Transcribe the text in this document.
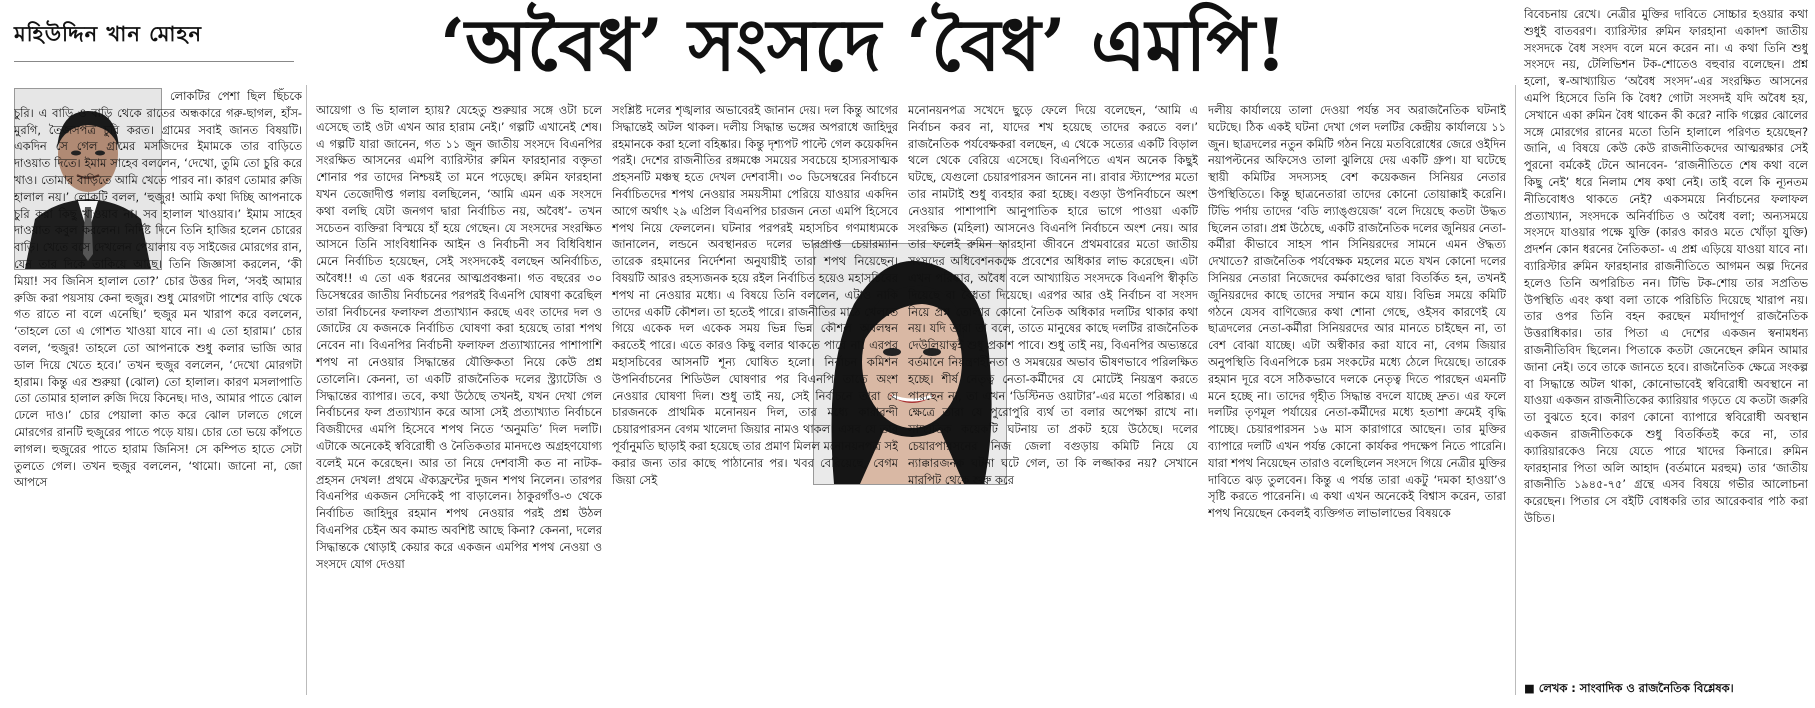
মহিউদ্দিন খান মোহন	‘অবৈধ’ সংসদে ‘বৈধ’ এমপি!
লোকটির পেশা ছিল ছিঁচকে চুরি। এ বাড়ি ও বাড়ি থেকে রাতের অন্ধকারে গরু-ছাগল, হাঁস-মুরগি, তৈজসপত্র চুরি করত। গ্রামের সবাই জানত বিষয়টি। একদিন সে গেল গ্রামের মসজিদের ইমামকে তার বাড়িতে দাওয়াত দিতে। ইমাম সাহেব বললেন, ‘দেখো, তুমি তো চুরি করে খাও। তোমার বাড়িতে আমি খেতে পারব না। কারণ তোমার রুজি হালাল নয়।’ লোকটি বলল, ‘হুজুর! আমি কথা দিচ্ছি আপনাকে চুরি করা কিছু খাওয়াব না। সব হালাল খাওয়াব।’ ইমাম সাহেব দাওয়াত কবুল করলেন। নির্দিষ্ট দিনে তিনি হাজির হলেন চোরের বাড়ি। খেতে বসে দেখলেন পেয়ালায় বড় সাইজের মোরগের রান, যেন তার দিকে তাকিয়ে আছে। তিনি জিজ্ঞাসা করলেন, ‘কী মিয়া! সব জিনিস হালাল তো?’ চোর উত্তর দিল, ‘সবই আমার রুজি করা পয়সায় কেনা হুজুর। শুধু মোরগটা পাশের বাড়ি থেকে গত রাতে না বলে এনেছি।’ হুজুর মন খারাপ করে বললেন, ‘তাহলে তো এ গোশত খাওয়া যাবে না। এ তো হারাম।’ চোর বলল, ‘হুজুর! তাহলে তো আপনাকে শুধু কলার ভাজি আর ডাল দিয়ে খেতে হবে।’ তখন হুজুর বললেন, ‘দেখো মোরগটা হারাম। কিন্তু এর শুরুয়া (ঝোল) তো হালাল। কারণ মসলাপাতি তো তোমার হালাল রুজি দিয়ে কিনেছ। দাও, আমার পাতে ঝোল ঢেলে দাও।’ চোর পেয়ালা কাত করে ঝোল ঢালতে গেলে মোরগের রানটি হুজুরের পাতে পড়ে যায়। চোর তো ভয়ে কাঁপতে লাগল। হুজুরের পাতে হারাম জিনিস! সে কম্পিত হাতে সেটা তুলতে গেল। তখন হুজুর বললেন, ‘থামো। জানো না, জো আপসে
আয়েগা ও ভি হালাল হ্যায়? যেহেতু শুরুয়ার সঙ্গে ওটা চলে এসেছে তাই ওটা এখন আর হারাম নেই।’ গল্পটি এখানেই শেষ। এ গল্পটি যারা জানেন, গত ১১ জুন জাতীয় সংসদে বিএনপির সংরক্ষিত আসনের এমপি ব্যারিস্টার রুমিন ফারহানার বক্তৃতা শোনার পর তাদের নিশ্চয়ই তা মনে পড়েছে। রুমিন ফারহানা যখন তেজোদীপ্ত গলায় বলছিলেন, ‘আমি এমন এক সংসদে কথা বলছি যেটা জনগণ দ্বারা নির্বাচিত নয়, অবৈধ’- তখন সচেতন ব্যক্তিরা বিস্ময়ে হাঁ হয়ে গেছেন। যে সংসদের সংরক্ষিত আসনে তিনি সাংবিধানিক আইন ও নির্বাচনী সব বিধিবিধান মেনে নির্বাচিত হয়েছেন, সেই সংসদকেই বলছেন অনির্বাচিত, অবৈধ!! এ তো এক ধরনের আত্মপ্রবঞ্চনা। গত বছরের ৩০ ডিসেম্বরের জাতীয় নির্বাচনের পরপরই বিএনপি ঘোষণা করেছিল তারা নির্বাচনের ফলাফল প্রত্যাখ্যান করছে এবং তাদের দল ও জোটের যে কজনকে নির্বাচিত ঘোষণা করা হয়েছে তারা শপথ নেবেন না। বিএনপির নির্বাচনী ফলাফল প্রত্যাখ্যানের পাশাপাশি শপথ না নেওয়ার সিদ্ধান্তের যৌক্তিকতা নিয়ে কেউ প্রশ্ন তোলেনি। কেননা, তা একটি রাজনৈতিক দলের স্ট্র্যাটেজি ও সিদ্ধান্তের ব্যাপার। তবে, কথা উঠেছে তখনই, যখন দেখা গেল নির্বাচনের ফল প্রত্যাখ্যান করে আসা সেই প্রত্যাখ্যাত নির্বাচনে বিজয়ীদের এমপি হিসেবে শপথ নিতে ‘অনুমতি’ দিল দলটি। এটাকে অনেকেই স্ববিরোধী ও নৈতিকতার মানদণ্ডে অগ্রহণযোগ্য বলেই মনে করেছেন। আর তা নিয়ে দেশবাসী কত না নাটক-প্রহসন দেখল! প্রথমে ঐক্যফ্রন্টের দুজন শপথ নিলেন। তারপর বিএনপির একজন সেদিকেই পা বাড়ালেন। ঠাকুরগাঁও-৩ থেকে নির্বাচিত জাহিদুর রহমান শপথ নেওয়ার পরই প্রশ্ন উঠল বিএনপির চেইন অব কমান্ড অবশিষ্ট আছে কিনা? কেননা, দলের সিদ্ধান্তকে থোড়াই কেয়ার করে একজন এমপির শপথ নেওয়া ও সংসদে যোগ দেওয়া
সংশ্লিষ্ট দলের শৃঙ্খলার অভাবেরই জানান দেয়। দল কিন্তু আগের সিদ্ধান্তেই অটল থাকল। দলীয় সিদ্ধান্ত ভঙ্গের অপরাধে জাহিদুর রহমানকে করা হলো বহিষ্কার। কিন্তু দৃশ্যপট পাল্টে গেল কয়েকদিন পরই। দেশের রাজনীতির রঙ্গমঞ্চে সময়ের সবচেয়ে হাস্যরসাত্মক প্রহসনটি মঞ্চস্থ হতে দেখল দেশবাসী। ৩০ ডিসেম্বরের নির্বাচনে নির্বাচিতদের শপথ নেওয়ার সময়সীমা পেরিয়ে যাওয়ার একদিন আগে অর্থাৎ ২৯ এপ্রিল বিএনপির চারজন নেতা এমপি হিসেবে শপথ নিয়ে ফেললেন। ঘটনার পরপরই মহাসচিব গণমাধ্যমকে জানালেন, লন্ডনে অবস্থানরত দলের ভারপ্রাপ্ত চেয়ারম্যান তারেক রহমানের নির্দেশনা অনুযায়ীই তারা শপথ নিয়েছেন। বিষয়টি আরও রহস্যজনক হয়ে রইল নির্বাচিত হয়েও মহাসচিবের শপথ না নেওয়ার মধ্যে। এ বিষয়ে তিনি বললেন, এটাও নাকি তাদের একটি কৌশল। তা হতেই পারে। রাজনীতির মাঠে খেলতে গিয়ে একেক দল একেক সময় ভিন্ন ভিন্ন কৌশল অবলম্বন করতেই পারে। এতে কারও কিছু বলার থাকতে পারে না। এরপর মহাসচিবের আসনটি শূন্য ঘোষিত হলো। নির্বাচন কমিশন উপনির্বাচনের শিডিউল ঘোষণার পর বিএনপি তাতে অংশ নেওয়ার ঘোষণা দিল। শুধু তাই নয়, সেই নির্বাচনে তারা যে চারজনকে প্রাথমিক মনোনয়ন দিল, তার মধ্যে কারাবন্দী চেয়ারপারসন বেগম খালেদা জিয়ার নামও থাকল। এসব যে তার পূর্বানুমতি ছাড়াই করা হয়েছে তার প্রমাণ মিলল মনোনয়নপত্র সই করার জন্য তার কাছে পাঠানোর পর। খবর বেরিয়েছে, বেগম জিয়া সেই
মনোনয়নপত্র সখেদে ছুড়ে ফেলে দিয়ে বলেছেন, ‘আমি এ নির্বাচন করব না, যাদের শখ হয়েছে তাদের করতে বল।’ রাজনৈতিক পর্যবেক্ষকরা বলছেন, এ থেকে সত্যের একটি বিড়াল থলে থেকে বেরিয়ে এসেছে। বিএনপিতে এখন অনেক কিছুই ঘটছে, যেগুলো চেয়ারপারসন জানেন না। রাবার স্ট্যাম্পের মতো তার নামটাই শুধু ব্যবহার করা হচ্ছে। বগুড়া উপনির্বাচনে অংশ নেওয়ার পাশাপাশি আনুপাতিক হারে ভাগে পাওয়া একটি সংরক্ষিত (মহিলা) আসনেও বিএনপি নির্বাচনে অংশ নেয়। আর তার ফলেই রুমিন ফারহানা জীবনে প্রথমবারের মতো জাতীয় সংসদের অধিবেশনকক্ষে প্রবেশের অধিকার লাভ করেছেন। এটা এখন পরিষ্কার, অবৈধ বলে আখ্যায়িত সংসদকে বিএনপি স্বীকৃতি দিয়েছে বা বৈধতা দিয়েছে। এরপর আর ওই নির্বাচন বা সংসদ নিয়ে প্রশ্ন তোলার কোনো নৈতিক অধিকার দলটির থাকার কথা নয়। যদি তারা তা বলে, তাতে মানুষের কাছে দলটির রাজনৈতিক দেউলিয়াত্বই শুধু প্রকাশ পাবে। শুধু তাই নয়, বিএনপির অভ্যন্তরে বর্তমানে নিয়ন্ত্রণহীনতা ও সমন্বয়ের অভাব ভীষণভাবে পরিলক্ষিত হচ্ছে। শীর্ষ নেতৃত্ব নেতা-কর্মীদের যে মোটেই নিয়ন্ত্রণ করতে পারছেন না, তা এখন ‘ডিস্টিনড ওয়াটার’-এর মতো পরিষ্কার। এ ক্ষেত্রে তারা যে পুরোপুরি ব্যর্থ তা বলার অপেক্ষা রাখে না। সাম্প্রতিক কয়েকটি ঘটনায় তা প্রকট হয়ে উঠেছে। দলের চেয়ারপারসনের নিজ জেলা বগুড়ায় কমিটি নিয়ে যে ন্যাক্কারজনক ঘটনা ঘটে গেল, তা কি লজ্জাকর নয়? সেখানে মারপিট থেকে শুরু করে
দলীয় কার্যালয়ে তালা দেওয়া পর্যন্ত সব অরাজনৈতিক ঘটনাই ঘটেছে। ঠিক একই ঘটনা দেখা গেল দলটির কেন্দ্রীয় কার্যালয়ে ১১ জুন। ছাত্রদলের নতুন কমিটি গঠন নিয়ে মতবিরোধের জেরে ওইদিন নয়াপল্টনের অফিসেও তালা ঝুলিয়ে দেয় একটি গ্রুপ। যা ঘটেছে স্থায়ী কমিটির সদস্যসহ বেশ কয়েকজন সিনিয়র নেতার উপস্থিতিতে। কিন্তু ছাত্রনেতারা তাদের কোনো তোয়াক্কাই করেনি। টিভি পর্দায় তাদের ‘বডি ল্যাঙ্গুয়েজ’ বলে দিয়েছে কতটা উদ্ধত ছিলেন তারা। প্রশ্ন উঠেছে, একটি রাজনৈতিক দলের জুনিয়র নেতা-কর্মীরা কীভাবে সাহস পান সিনিয়রদের সামনে এমন ঔদ্ধত্য দেখাতে? রাজনৈতিক পর্যবেক্ষক মহলের মতে যখন কোনো দলের সিনিয়র নেতারা নিজেদের কর্মকাণ্ডের দ্বারা বিতর্কিত হন, তখনই জুনিয়রদের কাছে তাদের সম্মান কমে যায়। বিভিন্ন সময়ে কমিটি গঠনে যেসব বাণিজ্যের কথা শোনা গেছে, ওইসব কারণেই যে ছাত্রদলের নেতা-কর্মীরা সিনিয়রদের আর মানতে চাইছেন না, তা বেশ বোঝা যাচ্ছে। এটা অস্বীকার করা যাবে না, বেগম জিয়ার অনুপস্থিতি বিএনপিকে চরম সংকটের মধ্যে ঠেলে দিয়েছে। তারেক রহমান দূরে বসে সঠিকভাবে দলকে নেতৃত্ব দিতে পারছেন এমনটি মনে হচ্ছে না। তাদের গৃহীত সিদ্ধান্ত বদলে যাচ্ছে দ্রুত। এর ফলে দলটির তৃণমূল পর্যায়ের নেতা-কর্মীদের মধ্যে হতাশা ক্রমেই বৃদ্ধি পাচ্ছে। চেয়ারপারসন ১৬ মাস কারাগারে আছেন। তার মুক্তির ব্যাপারে দলটি এখন পর্যন্ত কোনো কার্যকর পদক্ষেপ নিতে পারেনি। যারা শপথ নিয়েছেন তারাও বলেছিলেন সংসদে গিয়ে নেত্রীর মুক্তির দাবিতে ঝড় তুলবেন। কিন্তু এ পর্যন্ত তারা একটু ‘দমকা হাওয়া’ও সৃষ্টি করতে পারেননি। এ কথা এখন অনেকেই বিশ্বাস করেন, তারা শপথ নিয়েছেন কেবলই ব্যক্তিগত লাভালাভের বিষয়কে
বিবেচনায় রেখে। নেত্রীর মুক্তির দাবিতে সোচ্চার হওয়ার কথা শুধুই বাতবরণ। ব্যারিস্টার রুমিন ফারহানা একাদশ জাতীয় সংসদকে বৈধ সংসদ বলে মনে করেন না। এ কথা তিনি শুধু সংসদে নয়, টেলিভিশন টক-শোতেও বহুবার বলেছেন। প্রশ্ন হলো, স্ব-আখ্যায়িত ‘অবৈধ সংসদ’-এর সংরক্ষিত আসনের এমপি হিসেবে তিনি কি বৈধ? গোটা সংসদই যদি অবৈধ হয়, সেখানে একা রুমিন বৈধ থাকেন কী করে? নাকি গল্পের ঝোলের সঙ্গে মোরগের রানের মতো তিনি হালালে পরিণত হয়েছেন? জানি, এ বিষয়ে কেউ কেউ রাজনীতিকদের আত্মরক্ষার সেই পুরনো বর্মকেই টেনে আনবেন- ‘রাজনীতিতে শেষ কথা বলে কিছু নেই’ ধরে নিলাম শেষ কথা নেই। তাই বলে কি ন্যূনতম নীতিবোধও থাকতে নেই? একসময়ে নির্বাচনের ফলাফল প্রত্যাখ্যান, সংসদকে অনির্বাচিত ও অবৈধ বলা; অন্যসময়ে সংসদে যাওয়ার পক্ষে যুক্তি (কারও কারও মতে খোঁড়া যুক্তি) প্রদর্শন কোন ধরনের নৈতিকতা- এ প্রশ্ন এড়িয়ে যাওয়া যাবে না। ব্যারিস্টার রুমিন ফারহানার রাজনীতিতে আগমন অল্প দিনের হলেও তিনি অপরিচিত নন। টিভি টক-শোয় তার সপ্রতিভ উপস্থিতি এবং কথা বলা তাকে পরিচিতি দিয়েছে খারাপ নয়। তার ওপর তিনি বহন করছেন মর্যাদাপূর্ণ রাজনৈতিক উত্তরাধিকার। তার পিতা এ দেশের একজন স্বনামধন্য রাজনীতিবিদ ছিলেন। পিতাকে কতটা জেনেছেন রুমিন আমার জানা নেই। তবে তাকে জানতে হবে। রাজনৈতিক ক্ষেত্রে সংকল্প বা সিদ্ধান্তে অটল থাকা, কোনোভাবেই স্ববিরোধী অবস্থানে না যাওয়া একজন রাজনীতিকের ক্যারিয়ার গড়তে যে কতটা জরুরি তা বুঝতে হবে। কারণ কোনো ব্যাপারে স্ববিরোধী অবস্থান একজন রাজনীতিককে শুধু বিতর্কিতই করে না, তার ক্যারিয়ারকেও নিয়ে যেতে পারে খাদের কিনারে। রুমিন ফারহানার পিতা অলি আহাদ (বর্তমানে মরহুম) তার ‘জাতীয় রাজনীতি ১৯৪৫-৭৫’ গ্রন্থে এসব বিষয়ে গভীর আলোচনা করেছেন। পিতার সে বইটি বোধকরি তার আরেকবার পাঠ করা উচিত।
■ লেখক : সাংবাদিক ও রাজনৈতিক বিশ্লেষক।
